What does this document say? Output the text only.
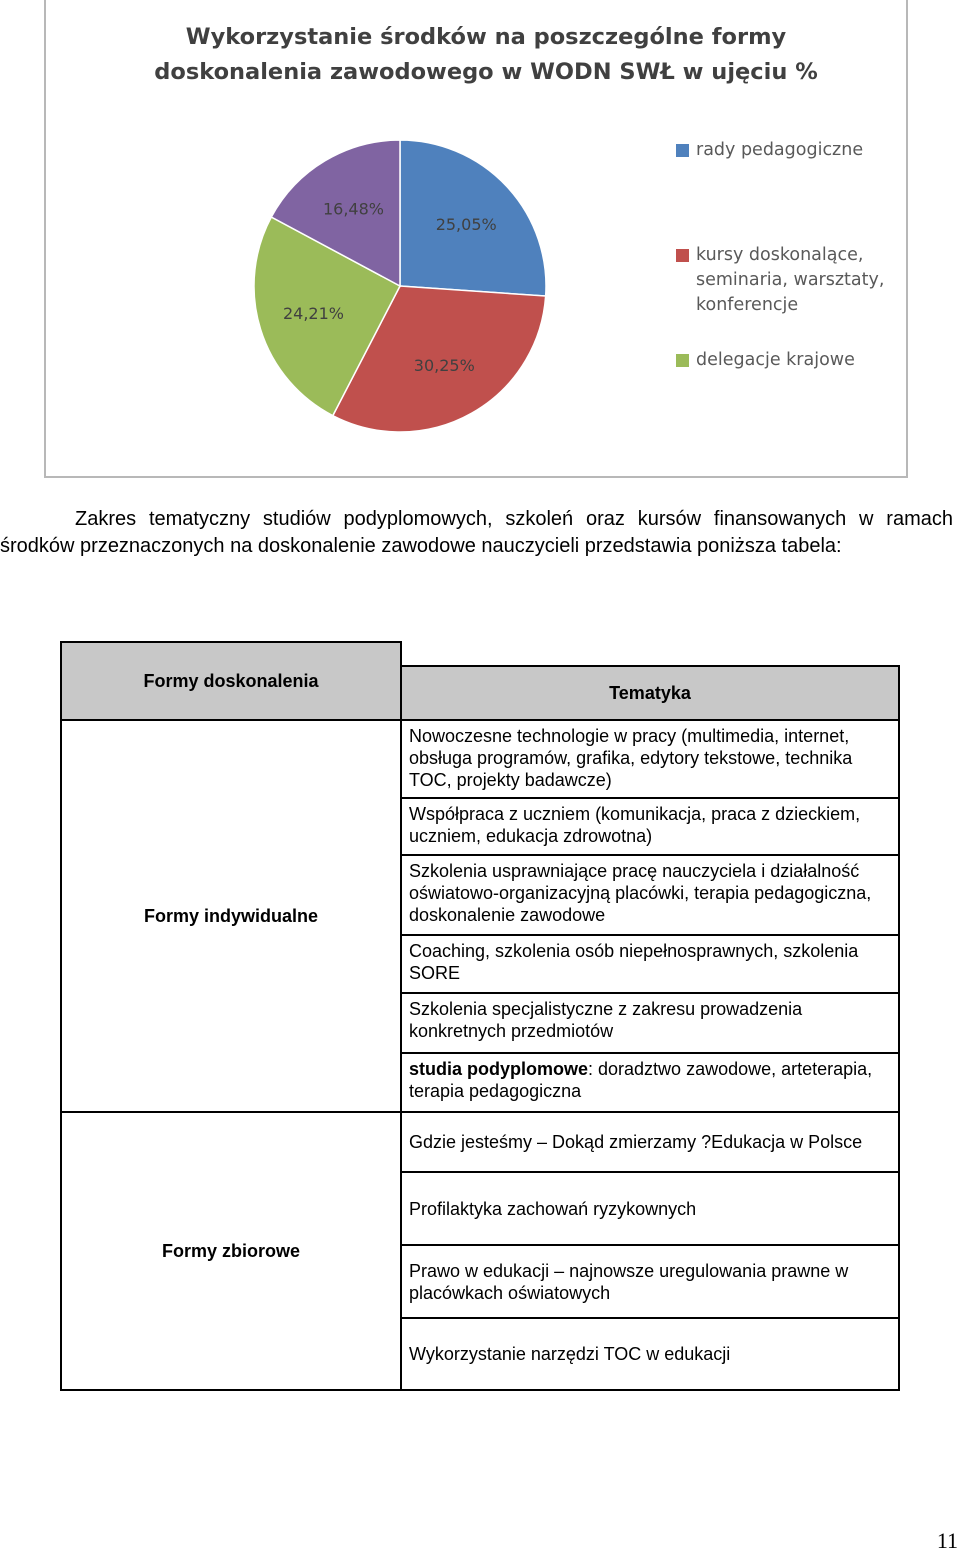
Wykorzystanie środków na poszczególne formy
doskonalenia zawodowego w WODN SWŁ w ujęciu %
25,05%
30,25%
24,21%
16,48%
rady pedagogiczne
kursy doskonalące,
seminaria, warsztaty,
konferencje
delegacje krajowe

Zakres tematyczny studiów podyplomowych, szkoleń oraz kursów finansowanych w ramach środków przeznaczonych na doskonalenie zawodowe nauczycieli przedstawia poniższa tabela:

Formy doskonalenia
Tematyka
Formy indywidualne
Formy zbiorowe
Nowoczesne technologie w pracy (multimedia, internet, obsługa programów, grafika, edytory tekstowe, technika TOC, projekty badawcze)
Współpraca z uczniem (komunikacja, praca z dzieckiem, uczniem, edukacja zdrowotna)
Szkolenia usprawniające pracę nauczyciela i działalność oświatowo-organizacyjną placówki, terapia pedagogiczna, doskonalenie zawodowe
Coaching, szkolenia osób niepełnosprawnych, szkolenia SORE
Szkolenia specjalistyczne z zakresu prowadzenia konkretnych przedmiotów
studia podyplomowe: doradztwo zawodowe, arteterapia, terapia pedagogiczna
Gdzie jesteśmy – Dokąd zmierzamy ?Edukacja w Polsce
Profilaktyka zachowań ryzykownych
Prawo w edukacji – najnowsze uregulowania prawne w placówkach oświatowych
Wykorzystanie narzędzi TOC w edukacji
11
